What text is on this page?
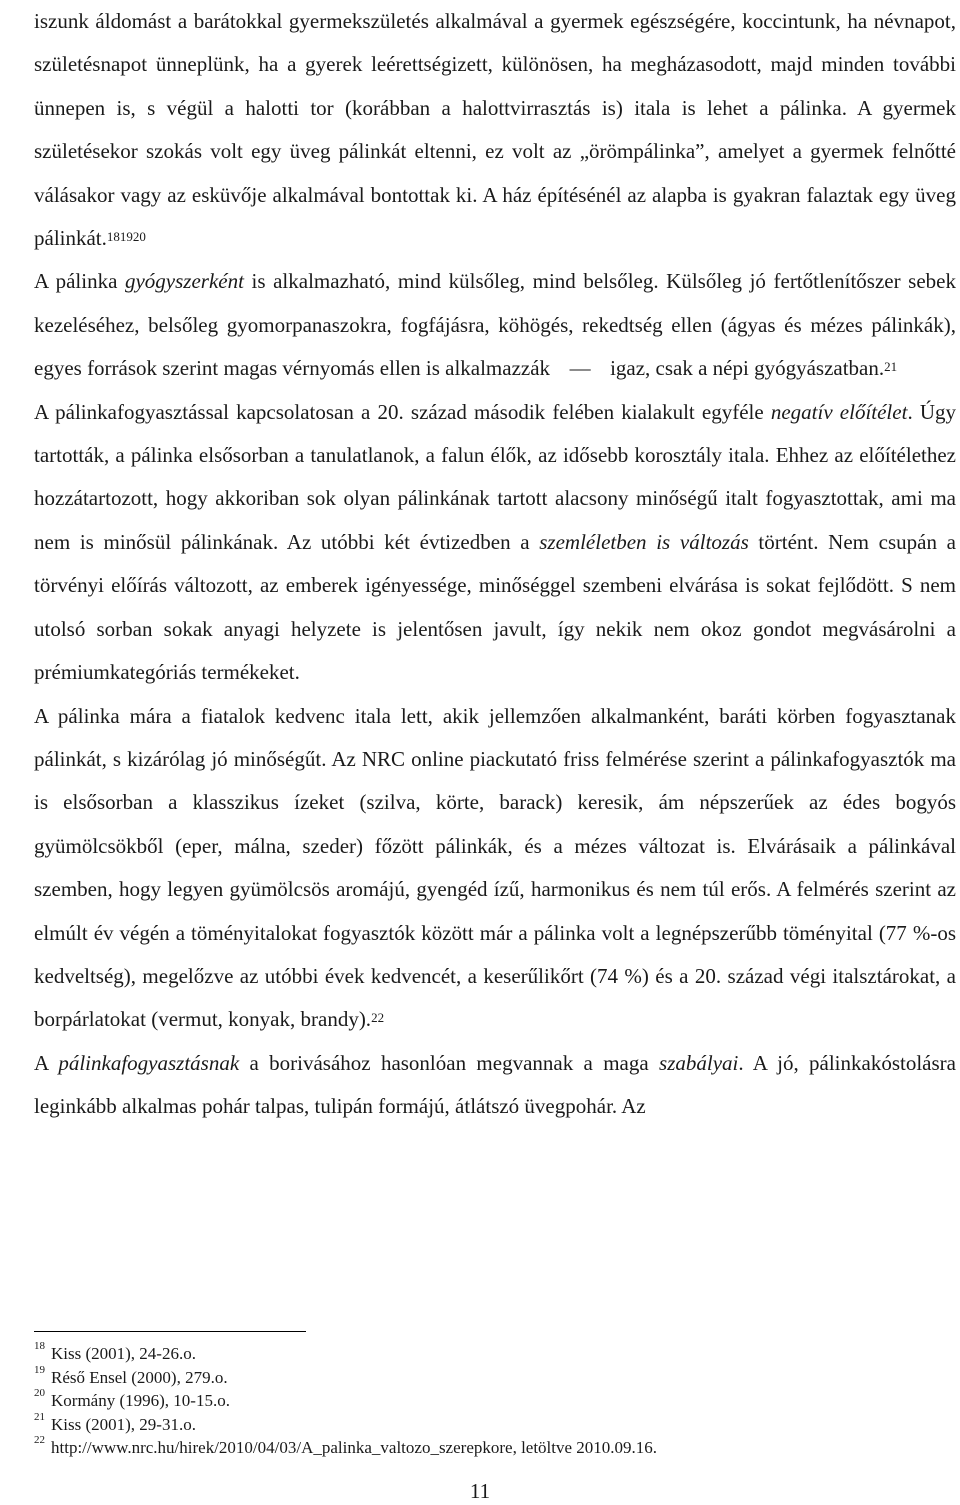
iszunk áldomást a barátokkal gyermekszületés alkalmával a gyermek egészségére, koccintunk, ha névnapot, születésnapot ünneplünk, ha a gyerek leérettségizett, különösen, ha megházasodott, majd minden további ünnepen is, s végül a halotti tor (korábban a halottvirrasztás is) itala is lehet a pálinka. A gyermek születésekor szokás volt egy üveg pálinkát eltenni, ez volt az „örömpálinka”, amelyet a gyermek felnőtté válásakor vagy az esküvője alkalmával bontottak ki. A ház építésénél az alapba is gyakran falaztak egy üveg pálinkát.$^{181920}$

A pálinka gyógyszerként is alkalmazható, mind külsőleg, mind belsőleg. Külsőleg jó fertőtlenítőszer sebek kezeléséhez, belsőleg gyomorpanaszokra, fogfájásra, köhögés, rekedtség ellen (ágyas és mézes pálinkák), egyes források szerint magas vérnyomás ellen is alkalmazzák ― igaz, csak a népi gyógyászatban.$^{21}$

A pálinkafogyasztással kapcsolatosan a 20. század második felében kialakult egyféle negatív előítélet. Úgy tartották, a pálinka elsősorban a tanulatlanok, a falun élők, az idősebb korosztály itala. Ehhez az előítélethez hozzátartozott, hogy akkoriban sok olyan pálinkának tartott alacsony minőségű italt fogyasztottak, ami ma nem is minősül pálinkának. Az utóbbi két évtizedben a szemléletben is változás történt. Nem csupán a törvényi előírás változott, az emberek igényessége, minőséggel szembeni elvárása is sokat fejlődött. S nem utolsó sorban sokak anyagi helyzete is jelentősen javult, így nekik nem okoz gondot megvásárolni a prémiumkategóriás termékeket.

A pálinka mára a fiatalok kedvenc itala lett, akik jellemzően alkalmanként, baráti körben fogyasztanak pálinkát, s kizárólag jó minőségűt. Az NRC online piackutató friss felmérése szerint a pálinkafogyasztók ma is elsősorban a klasszikus ízeket (szilva, körte, barack) keresik, ám népszerűek az édes bogyós gyümölcsökből (eper, málna, szeder) főzött pálinkák, és a mézes változat is. Elvárásaik a pálinkával szemben, hogy legyen gyümölcsös aromájú, gyengéd ízű, harmonikus és nem túl erős. A felmérés szerint az elmúlt év végén a töményitalokat fogyasztók között már a pálinka volt a legnépszerűbb töményital (77 %-os kedveltség), megelőzve az utóbbi évek kedvencét, a keserűlikőrt (74 %) és a 20. század végi italsztárokat, a borpárlatokat (vermut, konyak, brandy).$^{22}$

A pálinkafogyasztásnak a borivásához hasonlóan megvannak a maga szabályai. A jó, pálinkakóstolásra leginkább alkalmas pohár talpas, tulipán formájú, átlátszó üvegpohár. Az

$^{18}$ Kiss (2001), 24-26.o.
$^{19}$ Réső Ensel (2000), 279.o.
$^{20}$ Kormány (1996), 10-15.o.
$^{21}$ Kiss (2001), 29-31.o.
$^{22}$ http://www.nrc.hu/hirek/2010/04/03/A_palinka_valtozo_szerepkore, letöltve 2010.09.16.
11
